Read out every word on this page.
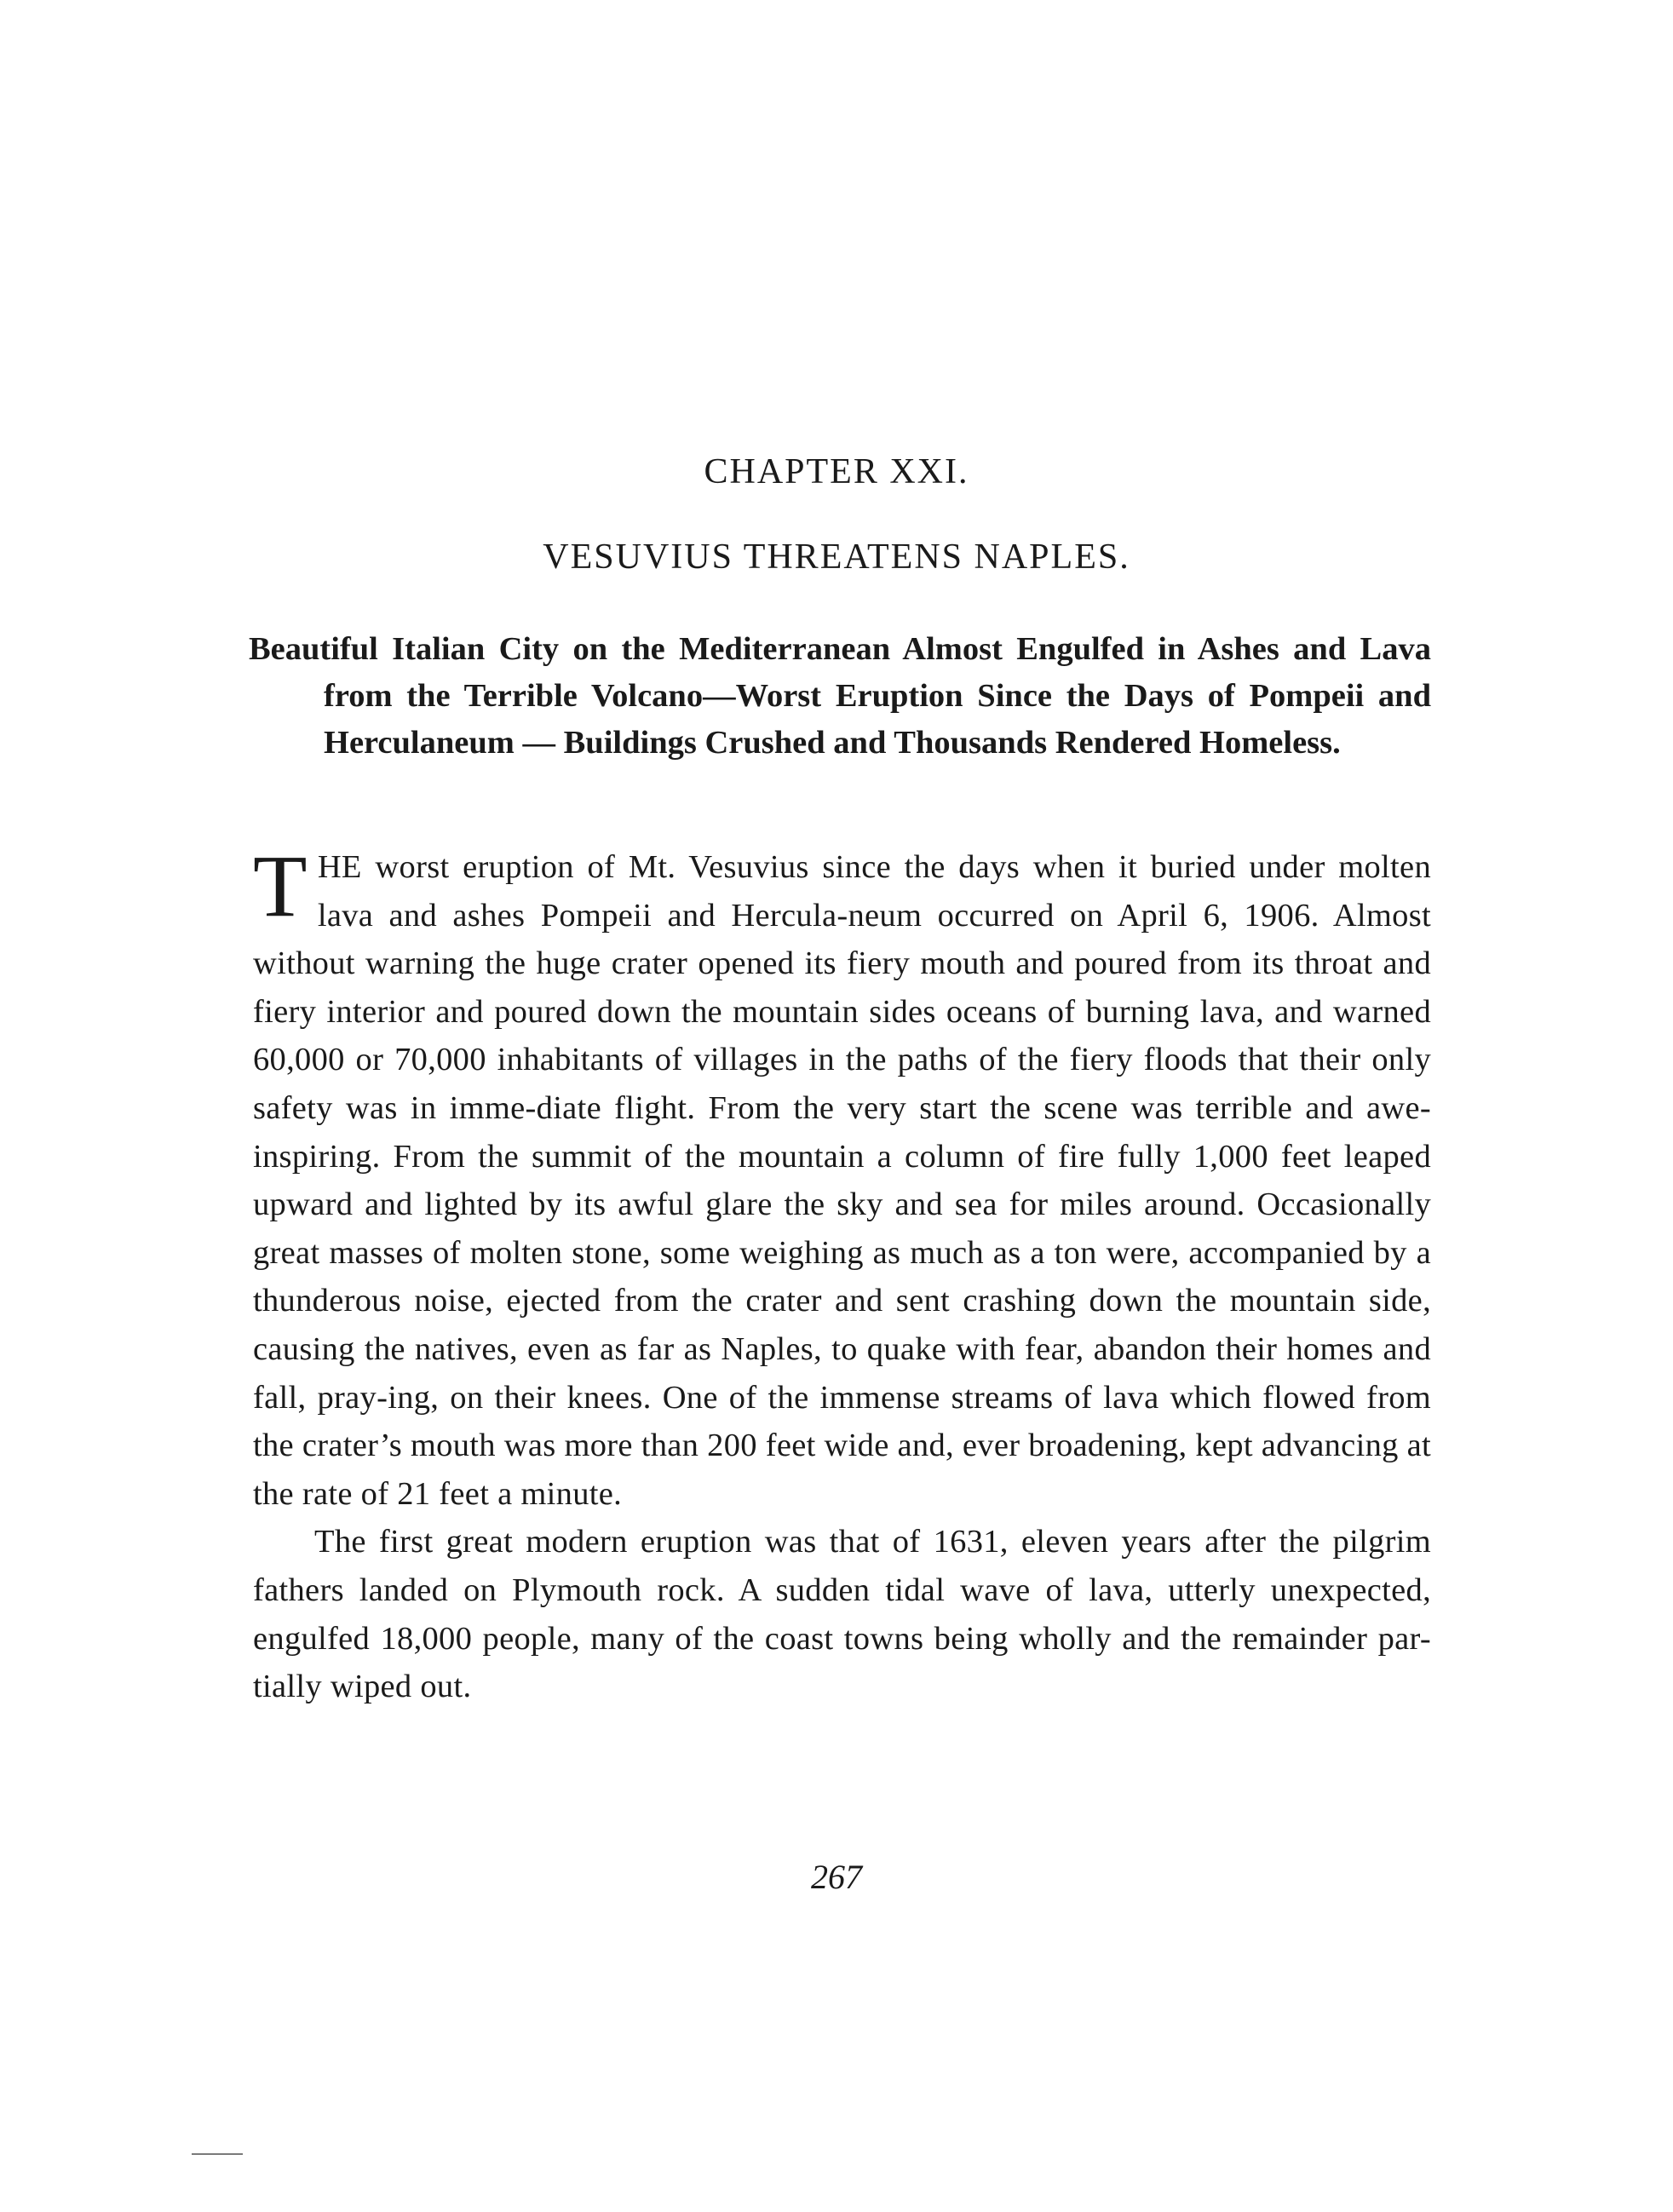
CHAPTER XXI.
VESUVIUS THREATENS NAPLES.
Beautiful Italian City on the Mediterranean Almost Engulfed in Ashes and Lava from the Terrible Volcano—Worst Eruption Since the Days of Pompeii and Herculaneum — Buildings Crushed and Thousands Rendered Homeless.

THE worst eruption of Mt. Vesuvius since the days when it buried under molten lava and ashes Pompeii and Hercula-neum occurred on April 6, 1906. Almost without warning the huge crater opened its fiery mouth and poured from its throat and fiery interior and poured down the mountain sides oceans of burning lava, and warned 60,000 or 70,000 inhabitants of villages in the paths of the fiery floods that their only safety was in imme-diate flight. From the very start the scene was terrible and awe-inspiring. From the summit of the mountain a column of fire fully 1,000 feet leaped upward and lighted by its awful glare the sky and sea for miles around. Occasionally great masses of molten stone, some weighing as much as a ton were, accompanied by a thunderous noise, ejected from the crater and sent crashing down the mountain side, causing the natives, even as far as Naples, to quake with fear, abandon their homes and fall, pray-ing, on their knees. One of the immense streams of lava which flowed from the crater’s mouth was more than 200 feet wide and, ever broadening, kept advancing at the rate of 21 feet a minute.

The first great modern eruption was that of 1631, eleven years after the pilgrim fathers landed on Plymouth rock. A sudden tidal wave of lava, utterly unexpected, engulfed 18,000 people, many of the coast towns being wholly and the remainder par-tially wiped out.

267
